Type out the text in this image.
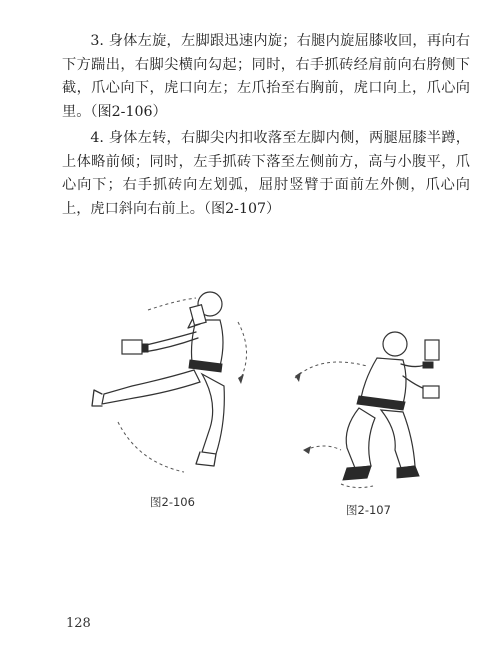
3. 身体左旋，左脚跟迅速内旋；右腿内旋屈膝收回，再向右下方踹出，右脚尖横向勾起；同时，右手抓砖经肩前向右胯侧下截，爪心向下，虎口向左；左爪抬至右胸前，虎口向上，爪心向里。（图2-106）

4. 身体左转，右脚尖内扣收落至左脚内侧，两腿屈膝半蹲，上体略前倾；同时，左手抓砖下落至左侧前方，高与小腹平，爪心向下；右手抓砖向左划弧，屈肘竖臂于面前左外侧，爪心向上，虎口斜向右前上。（图2-107）

图2-106
图2-107
128
